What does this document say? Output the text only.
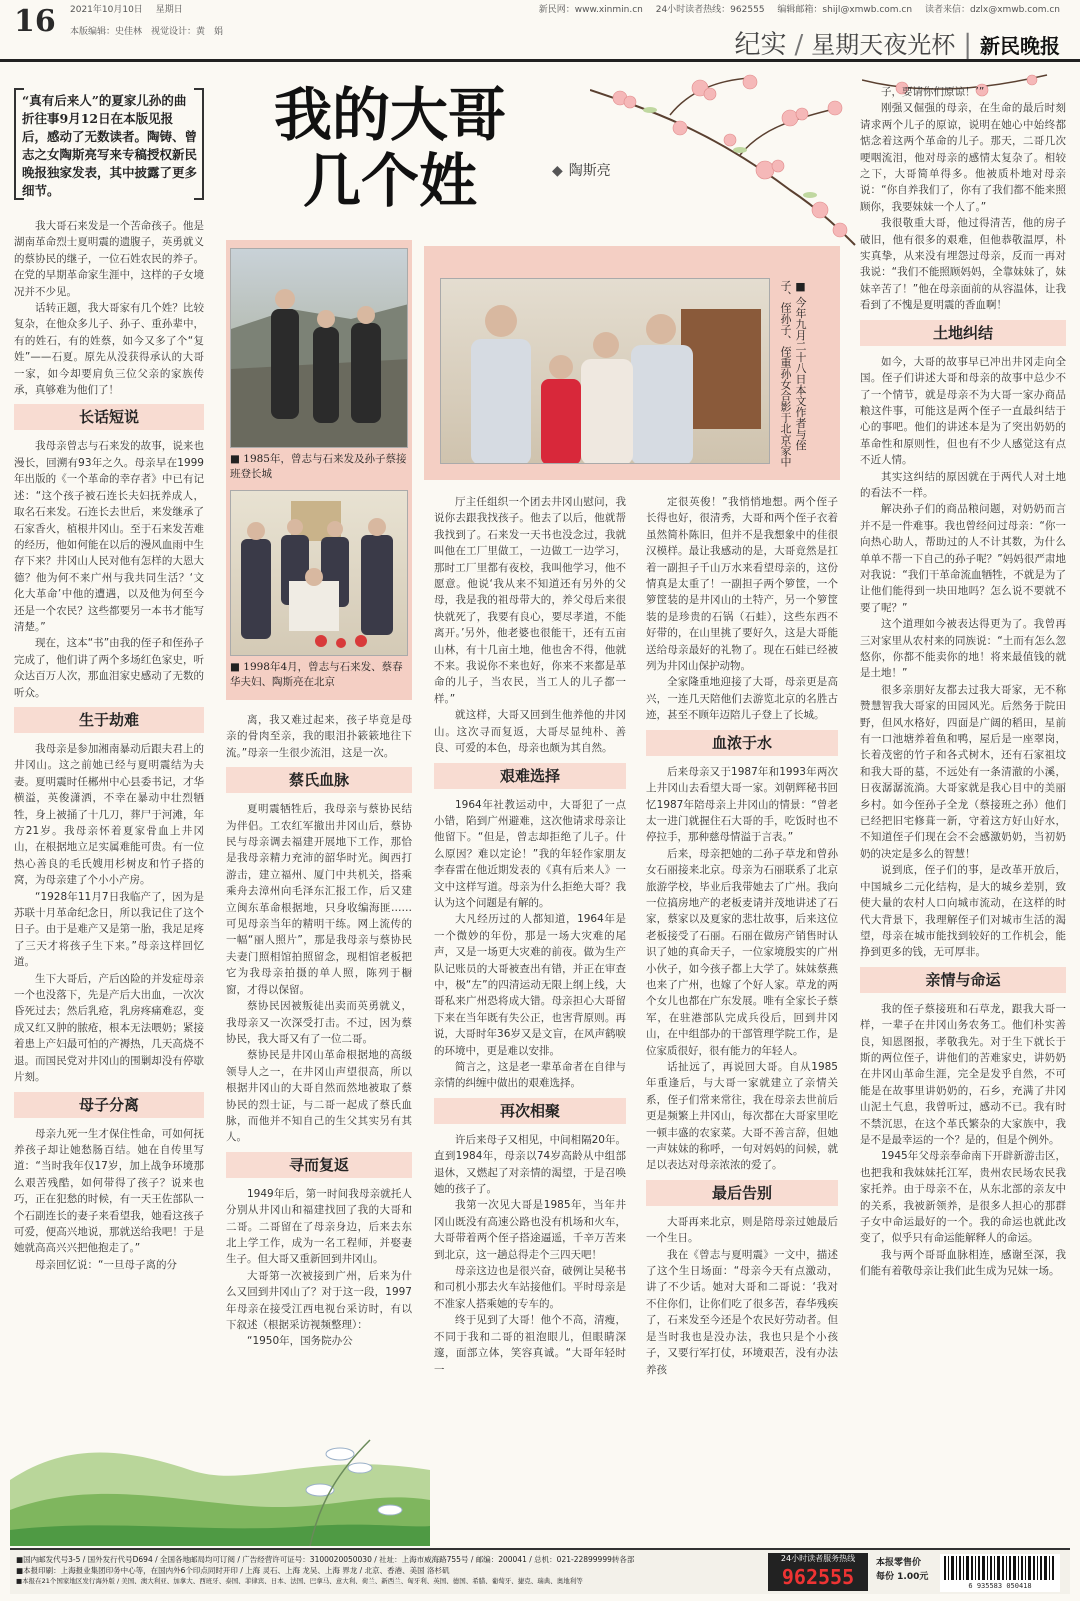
16 2021年10月10日 星期日
本版编辑：史佳林　视觉设计：黄　娟
新民网：www.xinmin.cn 24小时读者热线：962555 编辑邮箱：shijl@xmwb.com.cn 读者来信：dzlx@xmwb.com.cn
纪实 / 星期天夜光杯 | 新民晚报
“真有后来人”的夏家儿孙的曲折往事9月12日在本版见报后，感动了无数读者。陶铸、曾志之女陶斯亮写来专稿授权新民晚报独家发表，其中披露了更多细节。
我的大哥
几个姓	◆ 陶斯亮
■ 1985年，曾志与石来发及孙子蔡接班登长城
■ 1998年4月，曾志与石来发、蔡春华夫妇、陶斯亮在北京
■ 今年九月二十八日本文作者与侄子、侄孙子、侄重孙女合影于北京家中

我大哥石来发是一个苦命孩子。他是湖南革命烈士夏明震的遗腹子，英勇就义的蔡协民的继子，一位石姓农民的养子。在党的早期革命家生涯中，这样的子女境况并不少见。

话转正题，我大哥家有几个姓？比较复杂，在他众多儿子、孙子、重孙辈中，有的姓石，有的姓蔡，如今又多了个“复姓”——石夏。原先从没获得承认的大哥一家，如今却要肩负三位父亲的家族传承，真够难为他们了！

长话短说

我母亲曾志与石来发的故事，说来也漫长，回溯有93年之久。母亲早在1999年出版的《一个革命的幸存者》中已有记述：“这个孩子被石连长夫妇抚养成人，取名石来发。石连长去世后，来发继承了石家香火，植根井冈山。至于石来发苦难的经历，他如何能在以后的漫风血雨中生存下来？井冈山人民对他有怎样的大恩大德？他为何不来广州与我共同生活？‘文化大革命’中他的遭遇，以及他为何至今还是一个农民？这些都要另一本书才能写清楚。”

现在，这本“书”由我的侄子和侄孙子完成了，他们讲了两个多场红色家史，听众达百万人次，那血泪家史感动了无数的听众。

生于劫难

我母亲是参加湘南暴动后跟夫君上的井冈山。这之前她已经与夏明震结为夫妻。夏明震时任郴州中心县委书记，才华横溢，英俊潇洒，不幸在暴动中壮烈牺牲，身上被捅了十几刀，葬尸于河滩，年方21岁。我母亲怀着夏家骨血上井冈山，在根据地立足实属难能可贵。有一位热心善良的毛氏嫂用杉树皮和竹子搭的窝，为母亲建了个小小产房。

“1928年11月7日我临产了，因为是苏联十月革命纪念日，所以我记住了这个日子。由于是难产又是第一胎，我足足疼了三天才将孩子生下来。”母亲这样回忆道。

生下大哥后，产后凶险的并发症母亲一个也没落下，先是产后大出血，一次次昏死过去；然后乳疮，乳房疼痛难忍，变成又红又肿的脓疮，根本无法喂奶；紧接着患上产妇最可怕的产褥热，几天高烧不退。而国民党对井冈山的围剿却没有停歇片刻。

母子分离

母亲九死一生才保住性命，可如何抚养孩子却让她愁肠百结。她在自传里写道：“当时我年仅17岁，加上战争环境那么艰苦残酷，如何带得了孩子？说来也巧，正在犯愁的时候，有一天王佐部队一个石副连长的妻子来看望我，她看这孩子可爱，便高兴地说，那就送给我吧！于是她就高高兴兴把他抱走了。”

母亲回忆说：“一旦母子离的分

离，我又难过起来，孩子毕竟是母亲的骨肉至亲，我的眼泪扑簌簌地往下流。”母亲一生很少流泪，这是一次。

蔡氏血脉

夏明震牺牲后，我母亲与蔡协民结为伴侣。工农红军撤出井冈山后，蔡协民与母亲调去福建开展地下工作，那恰是我母亲精力充沛的韶华时光。闽西打游击，建立福州、厦门中共机关，搭乘乘舟去漳州向毛泽东汇报工作，后又建立闽东革命根据地，只身收编海匪……可见母亲当年的精明干练。网上流传的一幅“丽人照片”，那是我母亲与蔡协民夫妻门照相馆拍照留念，现相馆老板把它为我母亲拍摄的单人照，陈列于橱窗，才得以保留。

蔡协民因被叛徒出卖而英勇就义，我母亲又一次深受打击。不过，因为蔡协民，我大哥又有了一位二哥。

蔡协民是井冈山革命根据地的高级领导人之一，在井冈山声望很高，所以根据井冈山的大哥自然而然地被取了蔡协民的烈士证，与二哥一起成了蔡氏血脉，而他并不知自己的生父其实另有其人。

寻而复返

1949年后，第一时间我母亲就托人分别从井冈山和福建找回了我的大哥和二哥。二哥留在了母亲身边，后来去东北上学工作，成为一名工程师，并娶妻生子。但大哥又重新回到井冈山。

大哥第一次被接到广州，后来为什么又回到井冈山了？对于这一段，1997年母亲在接受江西电视台采访时，有以下叙述（根据采访视频整理）：

“1950年，国务院办公

厅主任组织一个团去井冈山慰问，我说你去跟我找孩子。他去了以后，他就帮我找到了。石来发一天书也没念过，我就叫他在工厂里做工，一边做工一边学习，那时工厂里都有夜校，我叫他学习，他不愿意。他说‘我从来不知道还有另外的父母，我是我的祖母带大的，养父母后来很快就死了，我要有良心，要尽孝道，不能离开。’另外，他老婆也很能干，还有五亩山林，有十几亩土地，他也舍不得，他就不来。我说你不来也好，你来不来都是革命的儿子，当农民，当工人的儿子都一样。”

就这样，大哥又回到生他养他的井冈山。这次寻而复返，大哥尽显纯朴、善良、可爱的本色，母亲也颇为其自然。

艰难选择

1964年社教运动中，大哥犯了一点小错，陷到广州避难，这次他请求母亲让他留下。“但是，曾志却拒绝了儿子。什么原因？难以定论！”我的年轻作家朋友李春雷在他近期发表的《真有后来人》一文中这样写道。母亲为什么拒绝大哥？我认为这个问题是有解的。

大凡经历过的人都知道，1964年是一个微妙的年份，那是一场大灾难的尾声，又是一场更大灾难的前夜。做为生产队记账员的大哥被查出有错，并正在审查中，极“左”的四清运动无限上纲上线，大哥私来广州恐将成大错。母亲担心大哥留下来在当年既有失公正，也害背原则。再说，大哥时年36岁又是文盲，在风声鹤唳的环境中，更是难以安排。

简言之，这是老一辈革命者在自律与亲情的纠缠中做出的艰难选择。

再次相聚

许后来母子又相见，中间相隔20年。直到1984年，母亲以74岁高龄从中组部退休，又燃起了对亲情的渴望，于是召唤她的孩子了。

我第一次见大哥是1985年，当年井冈山既没有高速公路也没有机场和火车，大哥带着两个侄子搭途逼遥，千辛万苦来到北京，这一趟总得走个三四天吧！

母亲这边也是很兴奋，破例让吴秘书和司机小那去火车站接他们。平时母亲是不准家人搭乘她的专车的。

终于见到了大哥！他个不高，清瘦，不同于我和二哥的祖泡眼儿，但眼睛深邃，面部立体，笑容真诚。“大哥年轻时一

定很英俊！”我悄悄地想。两个侄子长得也好，很清秀，大哥和两个侄子衣着虽然简朴陈旧，但并不是我想象中的佳很汉模样。最让我感动的是，大哥竟然是扛着一副担子千山万水来看望母亲的，这份情真是太重了！一副担子两个箩筐，一个箩筐装的是井冈山的土特产，另一个箩筐装的是珍贵的石锅（石蛙），这些东西不好带的，在山里挑了要好久，这是大哥能送给母亲最好的礼物了。现在石蛙已经被列为井冈山保护动物。

全家隆重地迎接了大哥，母亲更是高兴，一连几天陪他们去游览北京的名胜古迹，甚至不顾年迈陪儿子登上了长城。

血浓于水

后来母亲又于1987年和1993年两次上井冈山去看望大哥一家。刘朝辉秘书回忆1987年陪母亲上井冈山的情景：“曾老太一进门就握住石大哥的手，吃饭时也不停拉手，那种慈母情溢于言表。”

后来，母亲把她的二孙子草龙和曾孙女石丽接来北京。母亲为石丽联系了北京旅游学校，毕业后我带她去了广州。我向一位搞房地产的老板麦请并茂地讲述了石家，蔡家以及夏家的悲壮故事，后来这位老板接受了石丽。石丽在做房产销售时认识了她的真命天子，一位家境殷实的广州小伙子，如今孩子都上大学了。妹妹蔡燕也来了广州，也嫁了个好人家。草龙的两个女儿也都在广东发展。唯有全家长子蔡军，在驻港部队完成兵役后，回到井冈山，在中组部办的干部管理学院工作，是位家质很好，很有能力的年轻人。

话扯远了，再说回大哥。自从1985年重逢后，与大哥一家就建立了亲情关系，侄子们常来常往，我在母亲去世前后更是频繁上井冈山，每次都在大哥家里吃一顿丰盛的农家菜。大哥不善言辞，但她一声妹妹的称呼，一句对妈妈的问候，就足以表达对母亲浓浓的爱了。

最后告别

大哥再来北京，则是陪母亲过她最后一个生日。

我在《曾志与夏明震》一文中，描述了这个生日场面：“母亲今天有点激动，讲了不少话。她对大哥和二哥说：‘我对不住你们，让你们吃了很多苦，春华残疾了，石来发至今还是个农民好劳动者。但是当时我也是没办法，我也只是个小孩子，又要行军打仗，环境艰苦，没有办法养孩

子，要请你们原谅！’”

刚强又倔强的母亲，在生命的最后时刻请求两个儿子的原谅，说明在她心中始终都惦念着这两个革命的儿子。那天，二哥几次哽咽流泪，他对母亲的感情太复杂了。相较之下，大哥简单得多。他被质朴地对母亲说：“你自养我们了，你有了我们都不能来照顾你，我要妹妹一个人了。”

我很敬重大哥，他过得清苦，他的房子破旧，他有很多的艰难，但他恭敬温厚，朴实真挚，从来没有埋怨过母亲，反而一再对我说：“我们不能照顾妈妈，全靠妹妹了，妹妹辛苦了！”他在母亲面前的从容温体，让我看到了不愧是夏明震的香血啊！

土地纠结

如今，大哥的故事早已冲出井冈走向全国。侄子们讲述大哥和母亲的故事中总少不了一个情节，就是母亲不为大哥一家办商品粮这件事，可能这是两个侄子一直最纠结于心的事吧。他们的讲述本是为了突出奶奶的革命性和原则性，但也有不少人感觉这有点不近人情。

其实这纠结的原因就在于两代人对土地的看法不一样。

解决孙子们的商品粮问题，对奶奶而言并不是一件难事。我也曾经问过母亲：“你一向热心助人，帮助过的人不计其数，为什么单单不帮一下自己的孙子呢？”妈妈很严肃地对我说：“我们干革命流血牺牲，不就是为了让他们能得到一块田地吗？怎么说不要就不要了呢？”

这个道理如今被表达得更为了。我曾再三对家里从农村来的同族说：“土而有怎么忽悠你，你都不能卖你的地！将来最值钱的就是土地！”

很多亲朋好友都去过我大哥家，无不称赞慧智我大哥家的田园风光。后然务于院田野，但风水格好，四面是广阔的稻田，星前有一口池塘养着鱼和鸭，屋后是一座翠岗，长着茂密的竹子和各式树木，还有石家祖坟和我大哥的墓，不远处有一条清澈的小溪，日夜潺潺流淌。大哥家就是我心目中的美丽乡村。如今侄孙子全龙（蔡接班之孙）他们已经把旧宅修葺一新，守着这方好山好水，不知道侄子们现在会不会感激奶奶，当初奶奶的决定是多么的智慧！

说到底，侄子们的事，是改革开放后，中国城乡二元化结构，是大的城乡差别，致使大量的农村人口向城市流动，在这样的时代大背景下，我理解侄子们对城市生活的渴望，母亲在城市能找到较好的工作机会，能挣到更多的钱，无可厚非。

亲情与命运

我的侄子蔡接班和石草龙，跟我大哥一样，一辈子在井冈山务农务工。他们朴实善良，知恩图报，孝敬我先。对于生下就长于斯的两位侄子，讲他们的苦难家史，讲奶奶在井冈山革命生涯，完全是发乎自然，不可能是在故事里讲奶奶的，石乡，充满了井冈山泥土气息，我曾听过，感动不已。我有时不禁沉思，在这个革氏繁杂的大家族中，我是不是最幸运的一个？是的，但是个例外。

1945年父母亲奉命南下开辟新游击区，也把我和我妹妹托江军，贵州农民场农民我家托养。由于母亲不在，从东北部的亲友中的关系，我被新领养，是很多人担心的那群子女中命运最好的一个。我的命运也就此改变了，似乎只有命运能解释人的命运。

我与两个哥哥血脉相连，感谢至深，我们能有着敬母亲让我们此生成为兄妹一场。

■国内邮发代号3-5 / 国外发行代号D694 / 全国各地邮局均可订阅 / 广告经营许可证号：3100020050030 / 社址：上海市威海路755号 / 邮编：200041 / 总机：021-22899999转各部
■本报印刷：上海报业集团印务中心等，在国内外6个印点同时开印 / 上海 灵石、上海 龙吴、上海 界龙 / 北京、香港、美国 洛杉矶
■本报在21个国家地区发行海外版 / 美国、澳大利亚、加拿大、西班牙、泰国、菲律宾、日本、法国、巴拿马、意大利、荷兰、新西兰、匈牙利、英国、德国、希腊、葡萄牙、捷克、瑞典、奥地利等
24小时读者服务热线
962555
本报零售价
每份 1.00元
6 935583 050418
